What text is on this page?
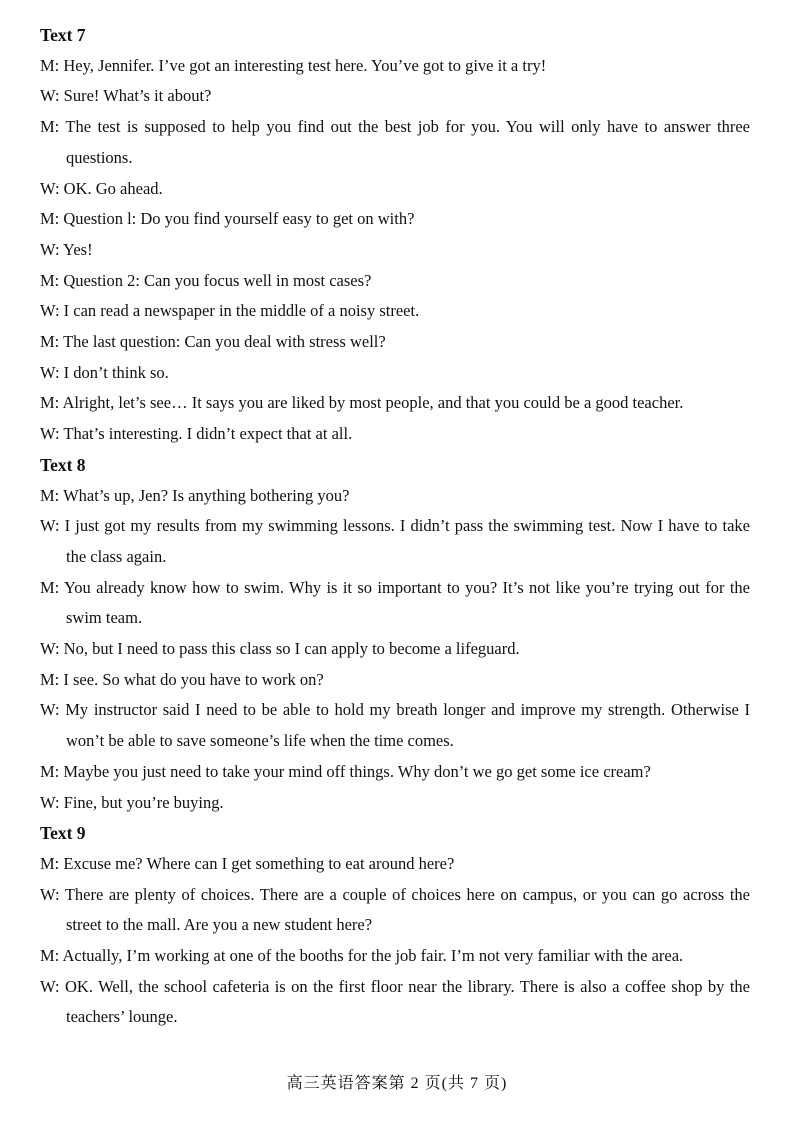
Text 7

M: Hey, Jennifer. I’ve got an interesting test here. You’ve got to give it a try!

W: Sure! What’s it about?

M: The test is supposed to help you find out the best job for you. You will only have to answer three questions.

W: OK. Go ahead.

M: Question l: Do you find yourself easy to get on with?

W: Yes!

M: Question 2: Can you focus well in most cases?

W: I can read a newspaper in the middle of a noisy street.

M: The last question: Can you deal with stress well?

W: I don’t think so.

M: Alright, let’s see… It says you are liked by most people, and that you could be a good teacher.

W: That’s interesting. I didn’t expect that at all.

Text 8

M: What’s up, Jen? Is anything bothering you?

W: I just got my results from my swimming lessons. I didn’t pass the swimming test. Now I have to take the class again.

M: You already know how to swim. Why is it so important to you? It’s not like you’re trying out for the swim team.

W: No, but I need to pass this class so I can apply to become a lifeguard.

M: I see. So what do you have to work on?

W: My instructor said I need to be able to hold my breath longer and improve my strength. Otherwise I won’t be able to save someone’s life when the time comes.

M: Maybe you just need to take your mind off things. Why don’t we go get some ice cream?

W: Fine, but you’re buying.

Text 9

M: Excuse me? Where can I get something to eat around here?

W: There are plenty of choices. There are a couple of choices here on campus, or you can go across the street to the mall. Are you a new student here?

M: Actually, I’m working at one of the booths for the job fair. I’m not very familiar with the area.

W: OK. Well, the school cafeteria is on the first floor near the library. There is also a coffee shop by the teachers’ lounge.

高三英语答案第 2 页(共 7 页)
